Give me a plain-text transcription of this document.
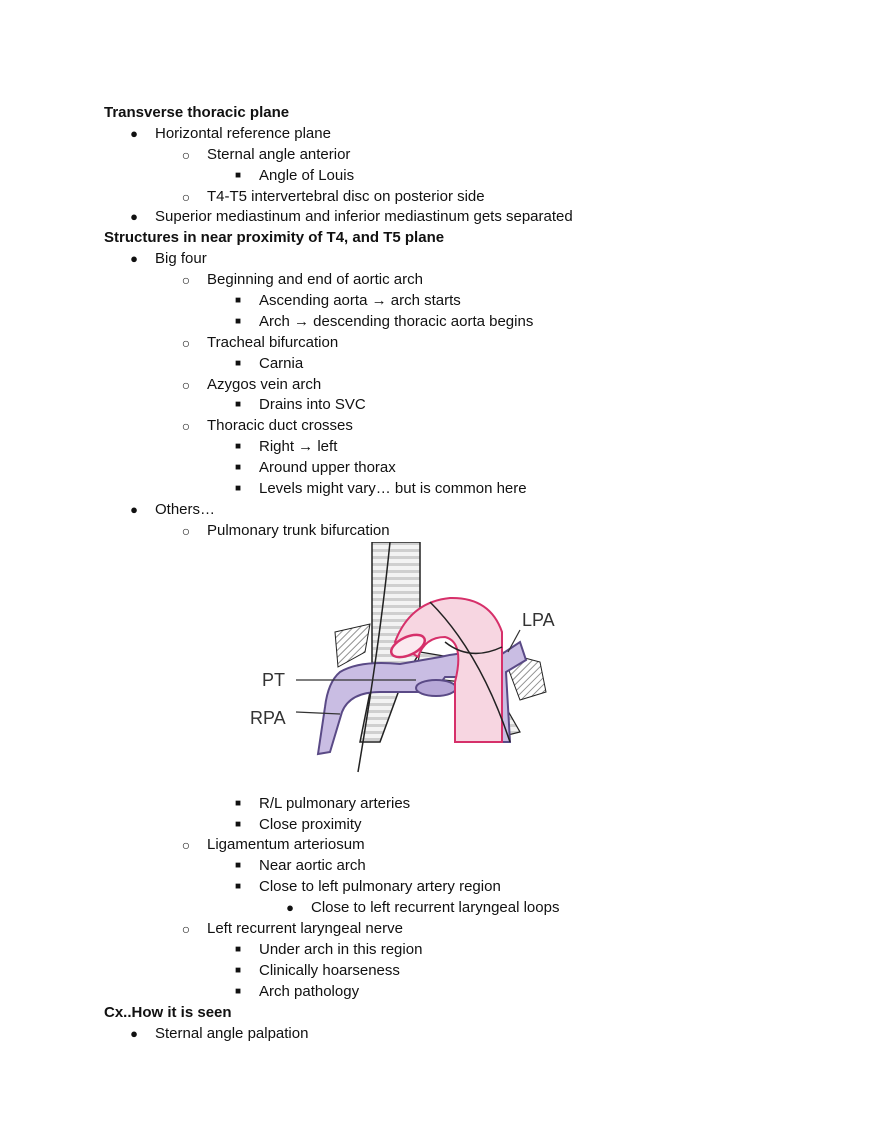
Transverse thoracic plane
●	Horizontal reference plane
○	Sternal angle anterior
■	Angle of Louis
○	T4-T5 intervertebral disc on posterior side
●	Superior mediastinum and inferior mediastinum gets separated
Structures in near proximity of T4, and T5 plane
●	Big four
○	Beginning and end of aortic arch
■	Ascending aorta → arch starts
■	Arch → descending thoracic aorta begins
○	Tracheal bifurcation
■	Carnia
○	Azygos vein arch
■	Drains into SVC
○	Thoracic duct crosses
■	Right → left
■	Around upper thorax
■	Levels might vary… but is common here
●	Others…
○	Pulmonary trunk bifurcation
LPA
PT
RPA
■	R/L pulmonary arteries
■	Close proximity
○	Ligamentum arteriosum
■	Near aortic arch
■	Close to left pulmonary artery region
●	Close to left recurrent laryngeal loops
○	Left recurrent laryngeal nerve
■	Under arch in this region
■	Clinically hoarseness
■	Arch pathology
Cx..How it is seen
●	Sternal angle palpation
